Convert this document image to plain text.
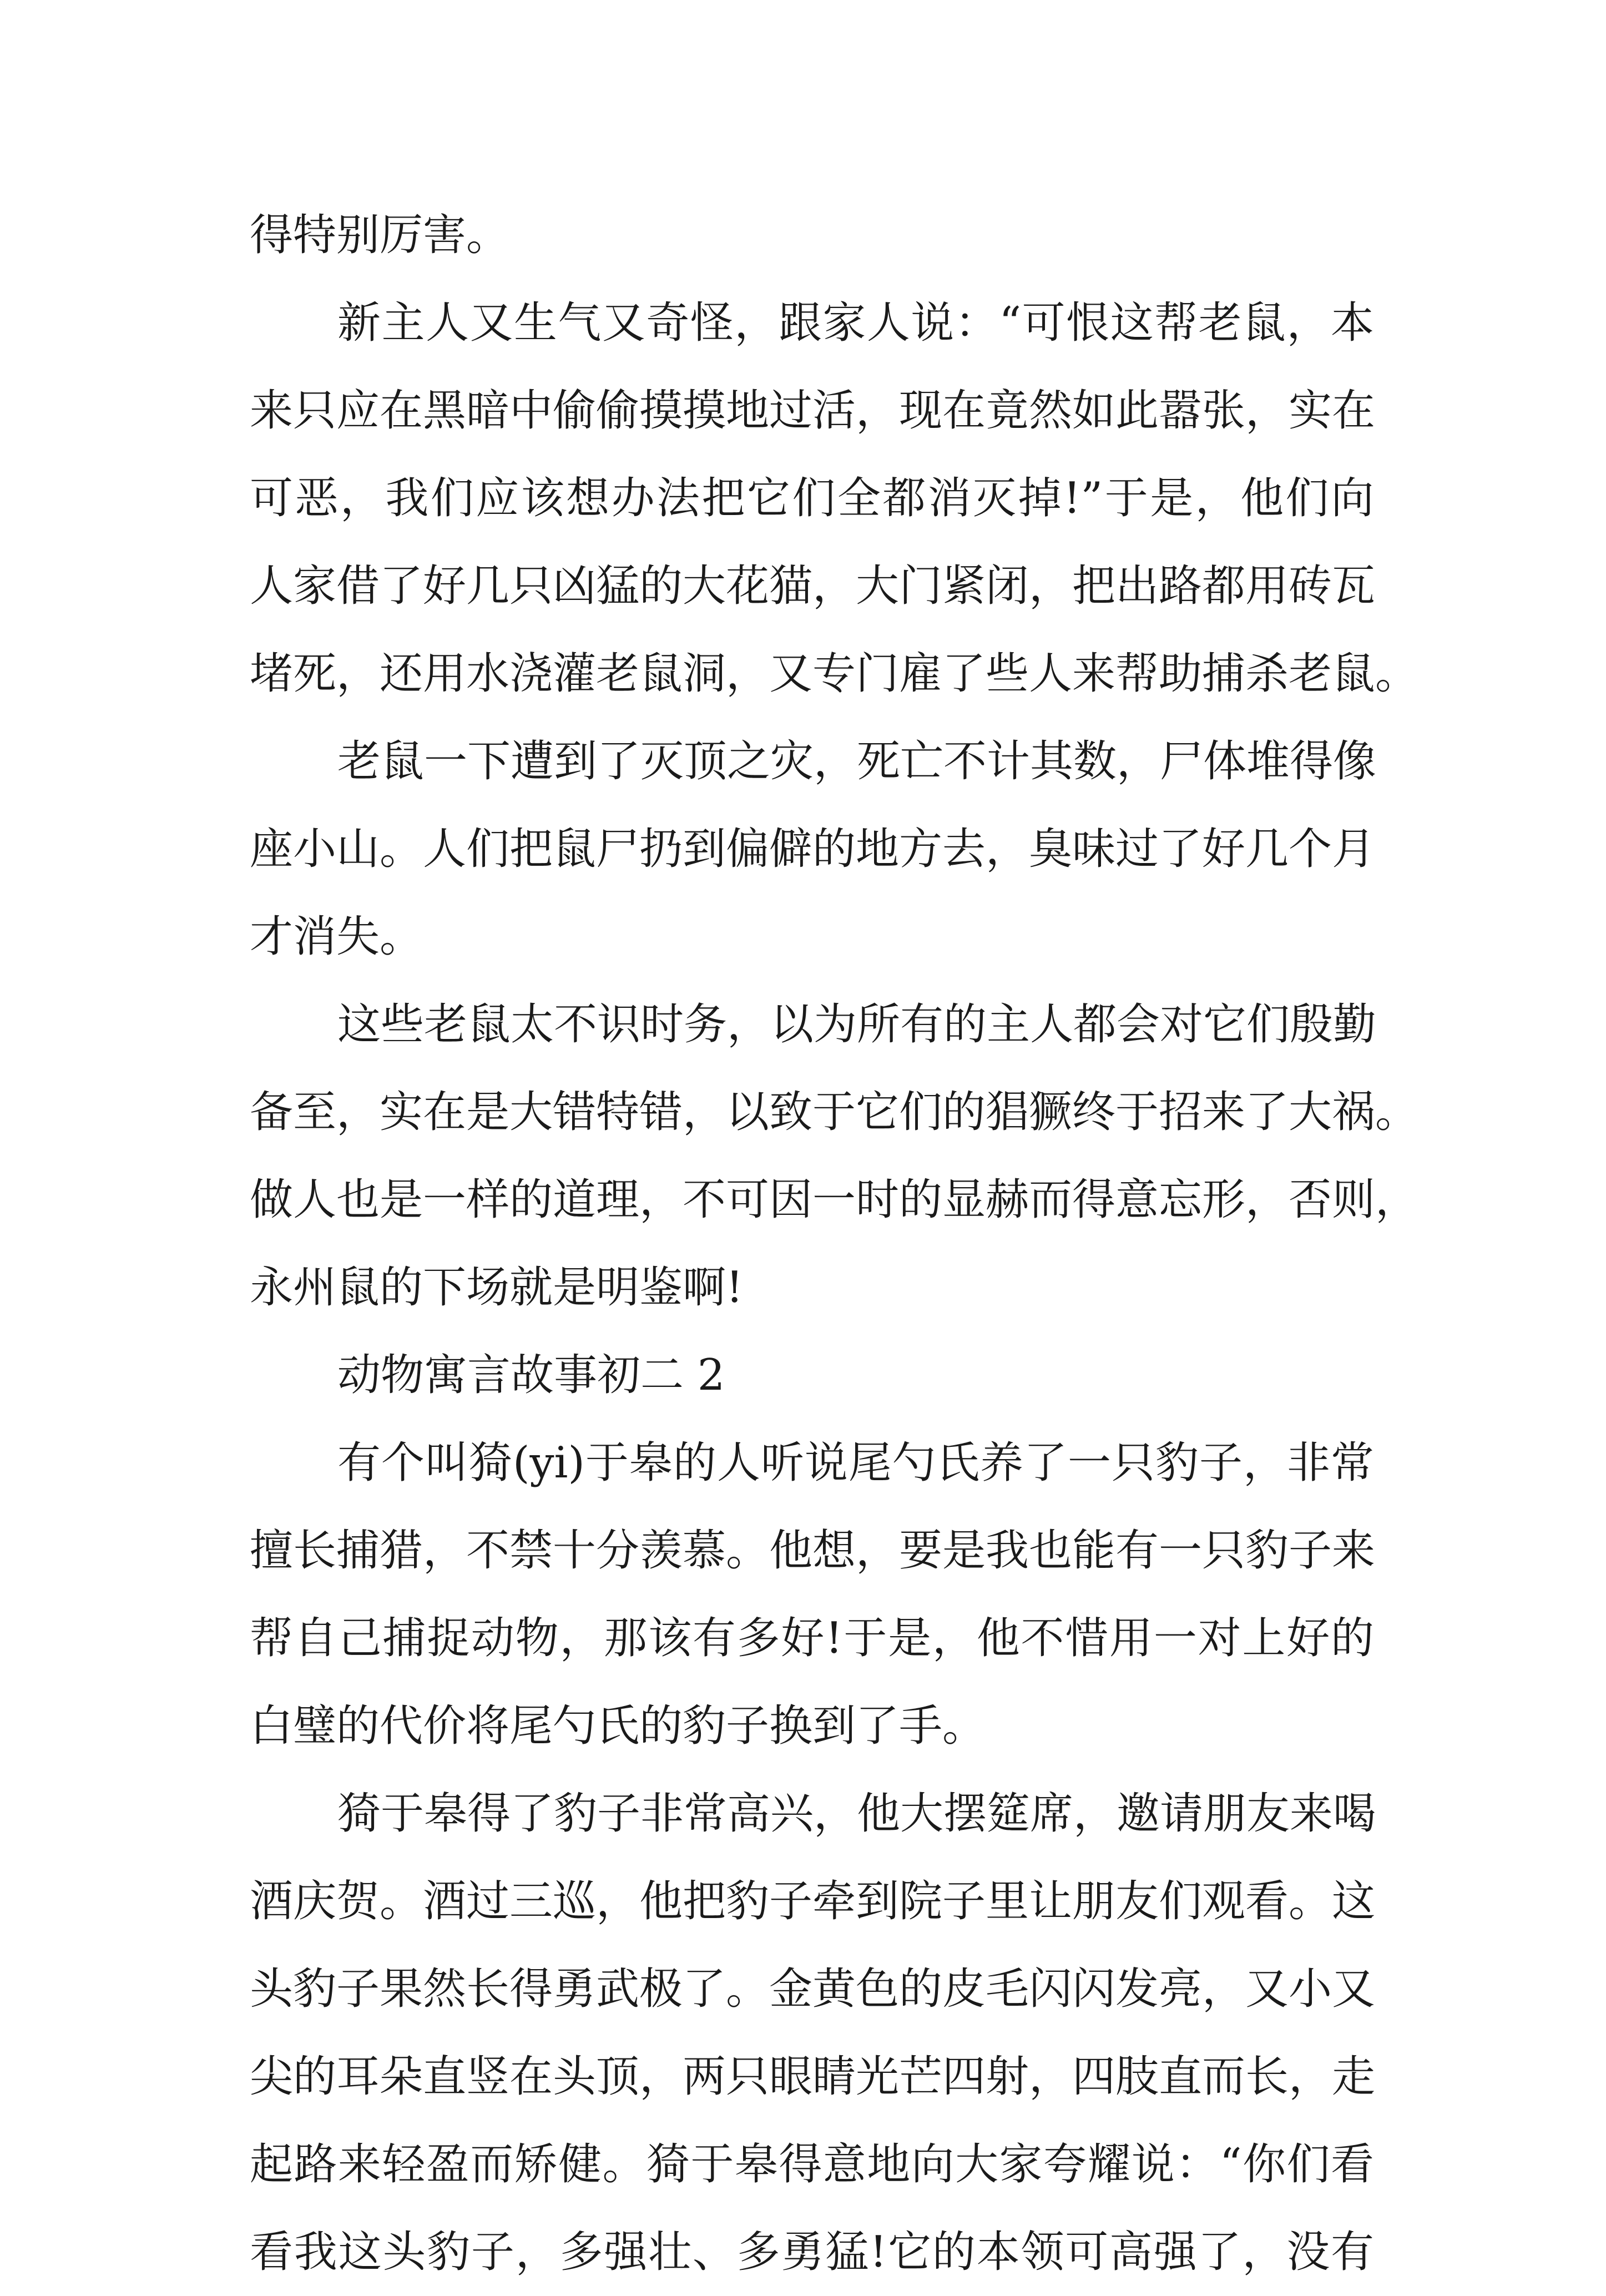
得特别厉害。
新主人又生气又奇怪，跟家人说：“可恨这帮老鼠，本
来只应在黑暗中偷偷摸摸地过活，现在竟然如此嚣张，实在
可恶，我们应该想办法把它们全都消灭掉!”于是，他们向
人家借了好几只凶猛的大花猫，大门紧闭，把出路都用砖瓦
堵死，还用水浇灌老鼠洞，又专门雇了些人来帮助捕杀老鼠。
老鼠一下遭到了灭顶之灾，死亡不计其数，尸体堆得像
座小山。人们把鼠尸扔到偏僻的地方去，臭味过了好几个月
才消失。
这些老鼠太不识时务，以为所有的主人都会对它们殷勤
备至，实在是大错特错，以致于它们的猖獗终于招来了大祸。
做人也是一样的道理，不可因一时的显赫而得意忘形，否则，
永州鼠的下场就是明鉴啊!
动物寓言故事初二 2
有个叫猗(yi)于皋的人听说尾勺氏养了一只豹子，非常
擅长捕猎，不禁十分羡慕。他想，要是我也能有一只豹子来
帮自己捕捉动物，那该有多好!于是，他不惜用一对上好的
白璧的代价将尾勺氏的豹子换到了手。
猗于皋得了豹子非常高兴，他大摆筵席，邀请朋友来喝
酒庆贺。酒过三巡，他把豹子牵到院子里让朋友们观看。这
头豹子果然长得勇武极了。金黄色的皮毛闪闪发亮，又小又
尖的耳朵直竖在头顶，两只眼睛光芒四射，四肢直而长，走
起路来轻盈而矫健。猗于皋得意地向大家夸耀说：“你们看
看我这头豹子，多强壮、多勇猛!它的本领可高强了，没有
